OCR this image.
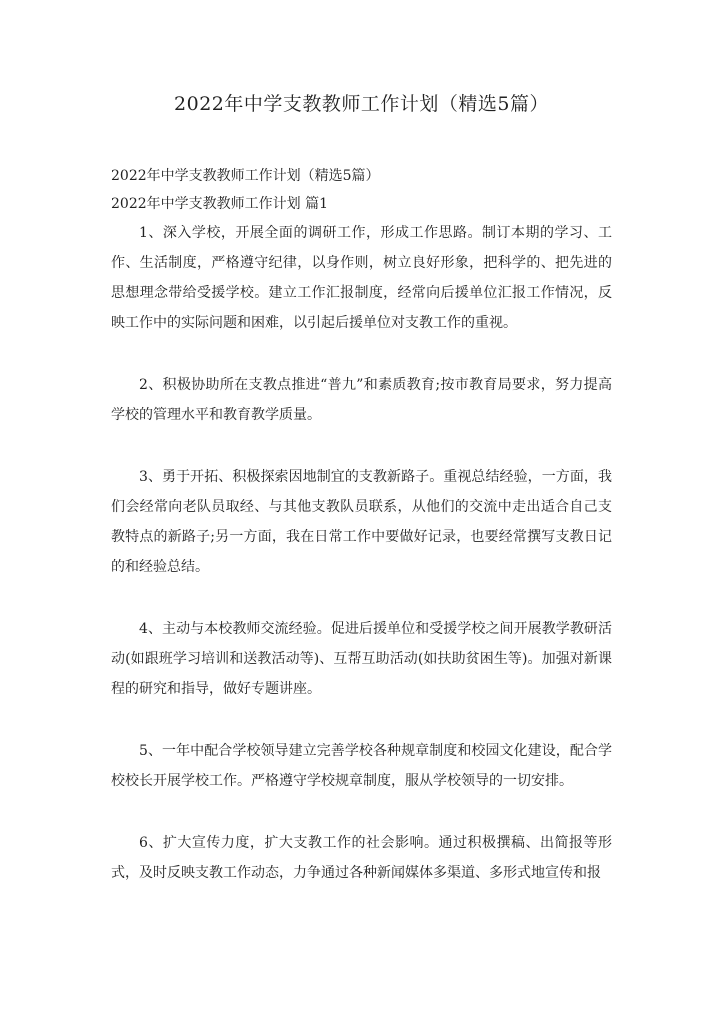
2022年中学支教教师工作计划（精选5篇）

2022年中学支教教师工作计划（精选5篇）

2022年中学支教教师工作计划 篇1

1、深入学校，开展全面的调研工作，形成工作思路。制订本期的学习、工作、生活制度，严格遵守纪律，以身作则，树立良好形象，把科学的、把先进的思想理念带给受援学校。建立工作汇报制度，经常向后援单位汇报工作情况，反映工作中的实际问题和困难，以引起后援单位对支教工作的重视。

2、积极协助所在支教点推进“普九”和素质教育;按市教育局要求，努力提高学校的管理水平和教育教学质量。

3、勇于开拓、积极探索因地制宜的支教新路子。重视总结经验，一方面，我们会经常向老队员取经、与其他支教队员联系，从他们的交流中走出适合自己支教特点的新路子;另一方面，我在日常工作中要做好记录，也要经常撰写支教日记的和经验总结。

4、主动与本校教师交流经验。促进后援单位和受援学校之间开展教学教研活动(如跟班学习培训和送教活动等)、互帮互助活动(如扶助贫困生等)。加强对新课程的研究和指导，做好专题讲座。

5、一年中配合学校领导建立完善学校各种规章制度和校园文化建设，配合学校校长开展学校工作。严格遵守学校规章制度，服从学校领导的一切安排。

6、扩大宣传力度，扩大支教工作的社会影响。通过积极撰稿、出简报等形式，及时反映支教工作动态，力争通过各种新闻媒体多渠道、多形式地宣传和报
